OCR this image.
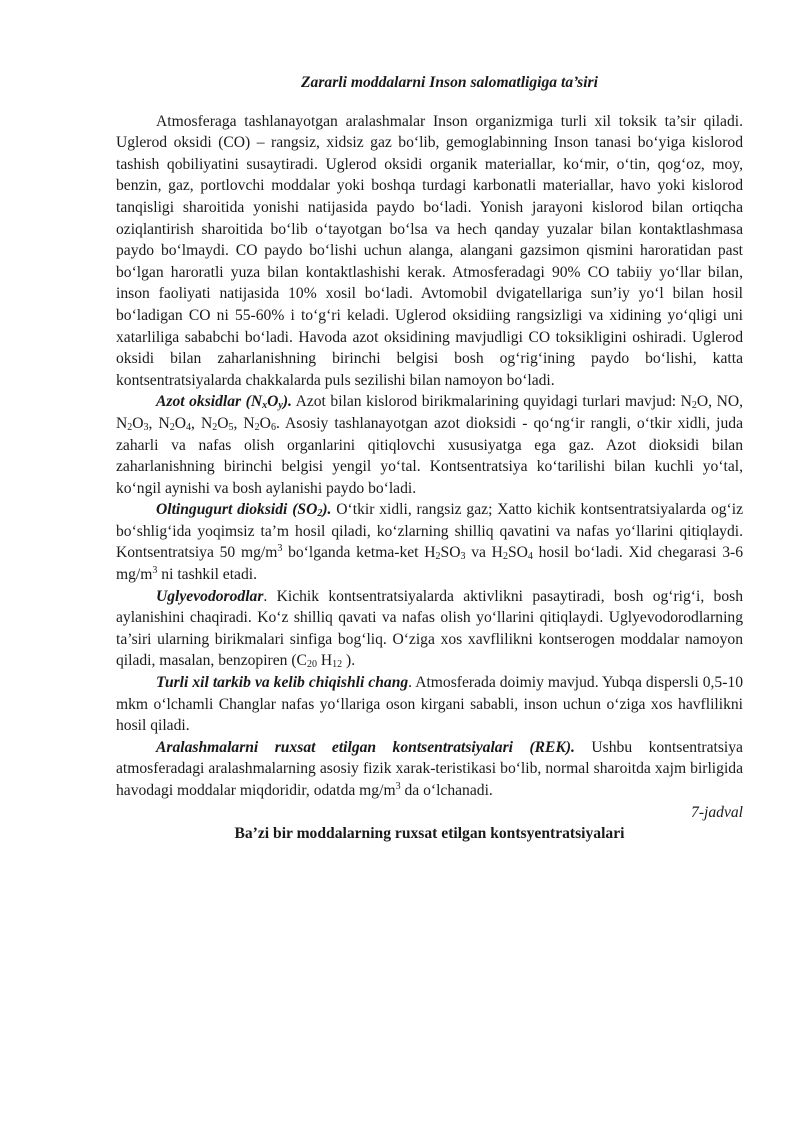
Zararli moddalarni Inson salomatligiga ta’siri

Atmosferaga tashlanayotgan aralashmalar Inson organizmiga turli xil toksik ta’sir qiladi. Uglerod oksidi (CO) – rangsiz, xidsiz gaz bo‘lib, gemoglabinning Inson tanasi bo‘yiga kislorod tashish qobiliyatini susaytiradi. Uglerod oksidi organik materiallar, ko‘mir, o‘tin, qog‘oz, moy, benzin, gaz, portlovchi moddalar yoki boshqa turdagi karbonatli materiallar, havo yoki kislorod tanqisligi sharoitida yonishi natijasida paydo bo‘ladi. Yonish jarayoni kislorod bilan ortiqcha oziqlantirish sharoitida bo‘lib o‘tayotgan bo‘lsa va hech qanday yuzalar bilan kontaktlashmasa paydo bo‘lmaydi. CO paydo bo‘lishi uchun alanga, alangani gazsimon qismini haroratidan past bo‘lgan haroratli yuza bilan kontaktlashishi kerak. Atmosferadagi 90% CO tabiiy yo‘llar bilan, inson faoliyati natijasida 10% xosil bo‘ladi. Avtomobil dvigatellariga sun’iy yo‘l bilan hosil bo‘ladigan CO ni 55-60% i to‘g‘ri keladi. Uglerod oksidiing rangsizligi va xidining yo‘qligi uni xatarliliga sababchi bo‘ladi. Havoda azot oksidining mavjudligi CO toksikligini oshiradi. Uglerod oksidi bilan zaharlanishning birinchi belgisi bosh og‘rig‘ining paydo bo‘lishi, katta kontsentratsiyalarda chakkalarda puls sezilishi bilan namoyon bo‘ladi.

Azot oksidlar $(N_xO_y)$. Azot bilan kislorod birikmalarining quyidagi turlari mavjud: $N_2O$, NO, $N_2O_3$, $N_2O_4$, $N_2O_5$, $N_2O_6$. Asosiy tashlanayotgan azot dioksidi - qo‘ng‘ir rangli, o‘tkir xidli, juda zaharli va nafas olish organlarini qitiqlovchi xususiyatga ega gaz. Azot dioksidi bilan zaharlanishning birinchi belgisi yengil yo‘tal. Kontsentratsiya ko‘tarilishi bilan kuchli yo‘tal, ko‘ngil aynishi va bosh aylanishi paydo bo‘ladi.

Oltingugurt dioksidi $(SO_2)$. O‘tkir xidli, rangsiz gaz; Xatto kichik kontsentratsiyalarda og‘iz bo‘shlig‘ida yoqimsiz ta’m hosil qiladi, ko‘zlarning shilliq qavatini va nafas yo‘llarini qitiqlaydi. Kontsentratsiya 50 $mg/m^3$ bo‘lganda ketma-ket $H_2SO_3$ va $H_2SO_4$ hosil bo‘ladi. Xid chegarasi 3-6 $mg/m^3$ ni tashkil etadi.

Uglyevodorodlar. Kichik kontsentratsiyalarda aktivlikni pasaytiradi, bosh og‘rig‘i, bosh aylanishini chaqiradi. Ko‘z shilliq qavati va nafas olish yo‘llarini qitiqlaydi. Uglyevodorodlarning ta’siri ularning birikmalari sinfiga bog‘liq. O‘ziga xos xavflilikni kontserogen moddalar namoyon qiladi, masalan, benzopiren ($C_{20}$ $H_{12}$ ).

Turli xil tarkib va kelib chiqishli chang. Atmosferada doimiy mavjud. Yubqa dispersli 0,5-10 mkm o‘lchamli Changlar nafas yo‘llariga oson kirgani sababli, inson uchun o‘ziga xos havflilikni hosil qiladi.

Aralashmalarni ruxsat etilgan kontsentratsiyalari (REK). Ushbu kontsentratsiya atmosferadagi aralashmalarning asosiy fizik xarak-teristikasi bo‘lib, normal sharoitda xajm birligida havodagi moddalar miqdoridir, odatda $mg/m^3$ da o‘lchanadi.

7-jadval

Ba’zi bir moddalarning ruxsat etilgan kontsyentratsiyalari
